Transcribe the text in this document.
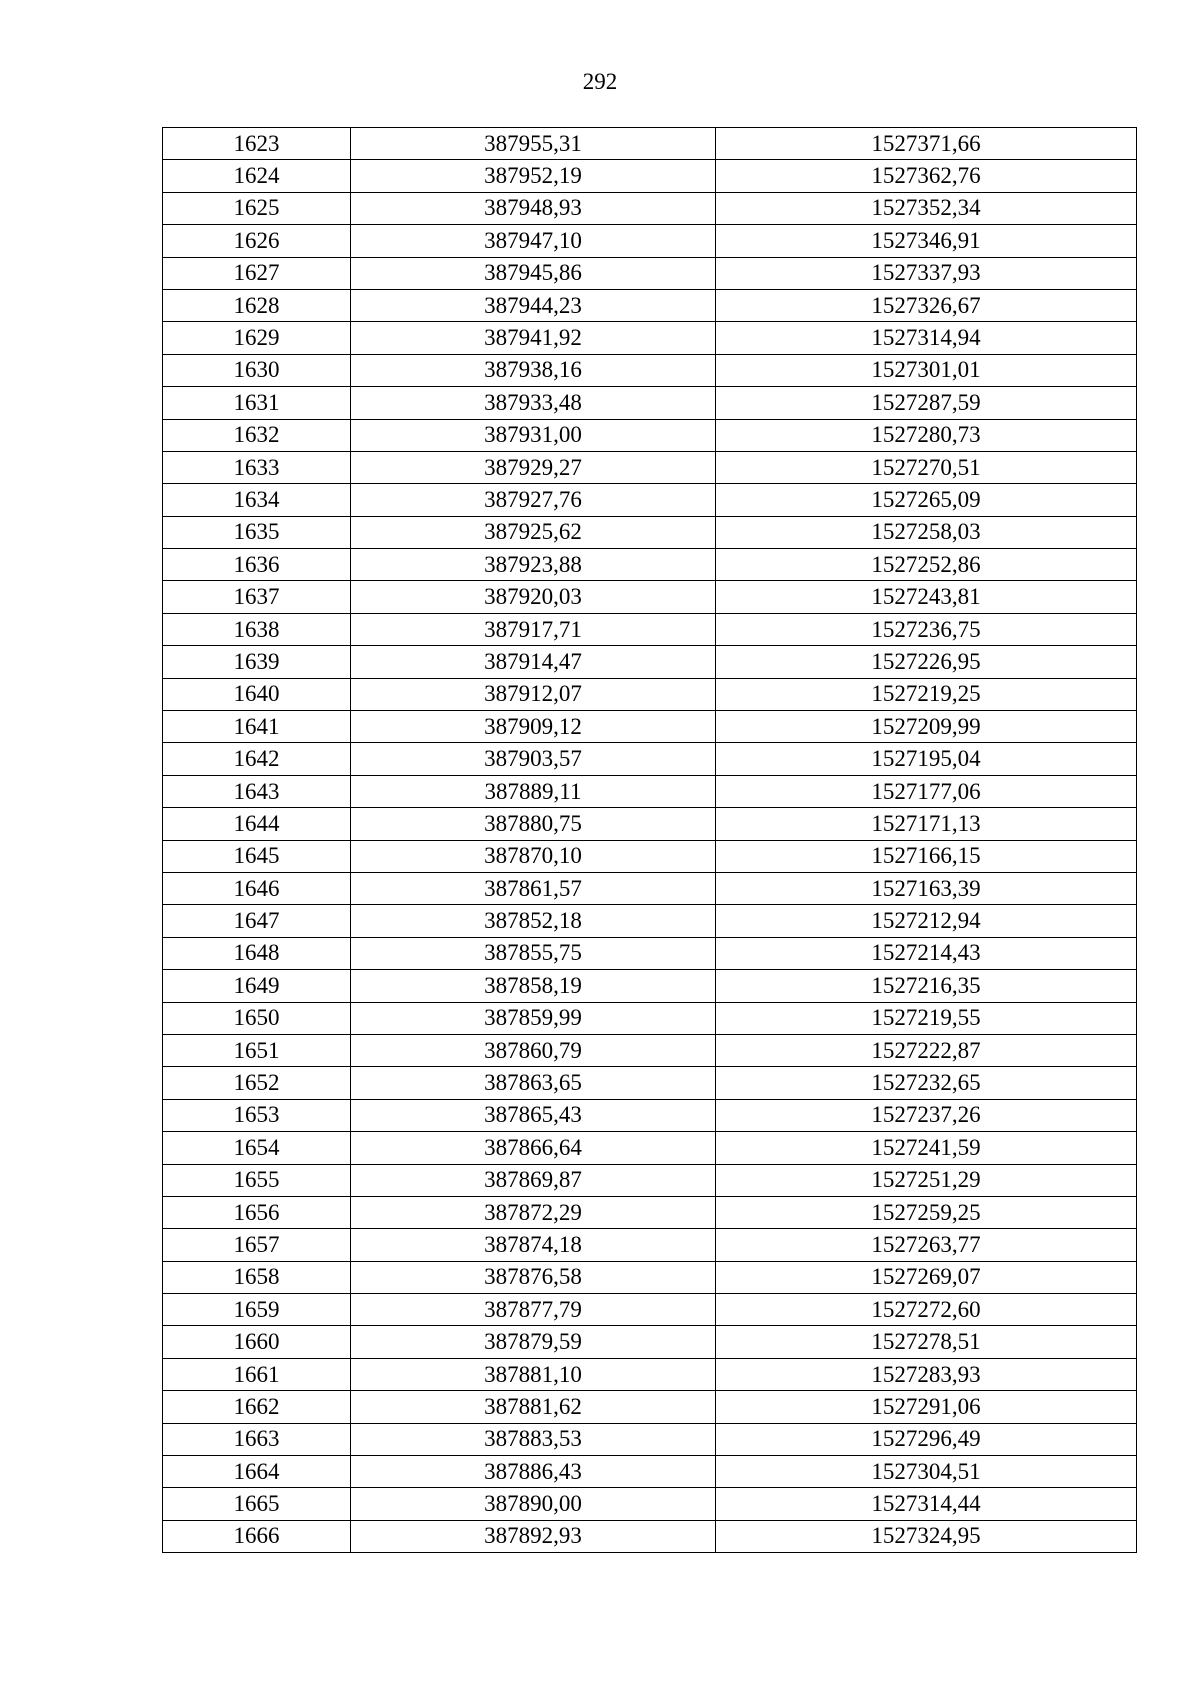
292
1623	387955,31	1527371,66
1624	387952,19	1527362,76
1625	387948,93	1527352,34
1626	387947,10	1527346,91
1627	387945,86	1527337,93
1628	387944,23	1527326,67
1629	387941,92	1527314,94
1630	387938,16	1527301,01
1631	387933,48	1527287,59
1632	387931,00	1527280,73
1633	387929,27	1527270,51
1634	387927,76	1527265,09
1635	387925,62	1527258,03
1636	387923,88	1527252,86
1637	387920,03	1527243,81
1638	387917,71	1527236,75
1639	387914,47	1527226,95
1640	387912,07	1527219,25
1641	387909,12	1527209,99
1642	387903,57	1527195,04
1643	387889,11	1527177,06
1644	387880,75	1527171,13
1645	387870,10	1527166,15
1646	387861,57	1527163,39
1647	387852,18	1527212,94
1648	387855,75	1527214,43
1649	387858,19	1527216,35
1650	387859,99	1527219,55
1651	387860,79	1527222,87
1652	387863,65	1527232,65
1653	387865,43	1527237,26
1654	387866,64	1527241,59
1655	387869,87	1527251,29
1656	387872,29	1527259,25
1657	387874,18	1527263,77
1658	387876,58	1527269,07
1659	387877,79	1527272,60
1660	387879,59	1527278,51
1661	387881,10	1527283,93
1662	387881,62	1527291,06
1663	387883,53	1527296,49
1664	387886,43	1527304,51
1665	387890,00	1527314,44
1666	387892,93	1527324,95
